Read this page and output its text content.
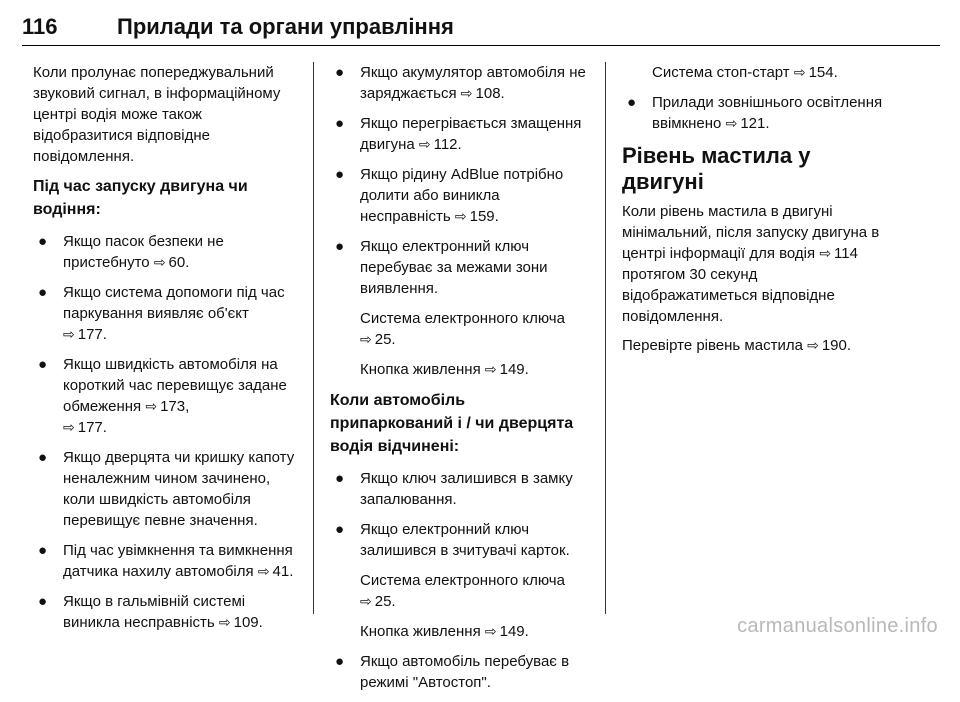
116	Прилади та органи управління

Коли пролунає попереджувальний звуковий сигнал, в інформаційному центрі водія може також відобразитися відповідне повідомлення.

Під час запуску двигуна чи водіння:
● Якщо пасок безпеки не пристебнуто ⇨ 60.
● Якщо система допомоги під час паркування виявляє об'єкт
⇨ 177.
● Якщо швидкість автомобіля на короткий час перевищує задане обмеження ⇨ 173,
⇨ 177.
● Якщо дверцята чи кришку капоту неналежним чином зачинено, коли швидкість автомобіля перевищує певне значення.
● Під час увімкнення та вимкнення датчика нахилу автомобіля ⇨ 41.
● Якщо в гальмівній системі виникла несправність ⇨ 109.
● Якщо акумулятор автомобіля не заряджається ⇨ 108.
● Якщо перегрівається змащення двигуна ⇨ 112.
● Якщо рідину AdBlue потрібно долити або виникла несправність ⇨ 159.
● Якщо електронний ключ перебуває за межами зони виявлення.

Система електронного ключа
⇨ 25.

Кнопка живлення ⇨ 149.

Коли автомобіль припаркований і / чи дверцята водія відчинені:
● Якщо ключ залишився в замку запалювання.
● Якщо електронний ключ залишився в зчитувачі карток.

Система електронного ключа
⇨ 25.

Кнопка живлення ⇨ 149.

● Якщо автомобіль перебуває в режимі "Автостоп".

Система стоп-старт ⇨ 154.

● Прилади зовнішнього освітлення ввімкнено ⇨ 121.
Рівень мастила у двигуні

Коли рівень мастила в двигуні мінімальний, після запуску двигуна в центрі інформації для водія ⇨ 114 протягом 30 секунд відображатиметься відповідне повідомлення.

Перевірте рівень мастила ⇨ 190.

carmanualsonline.info
